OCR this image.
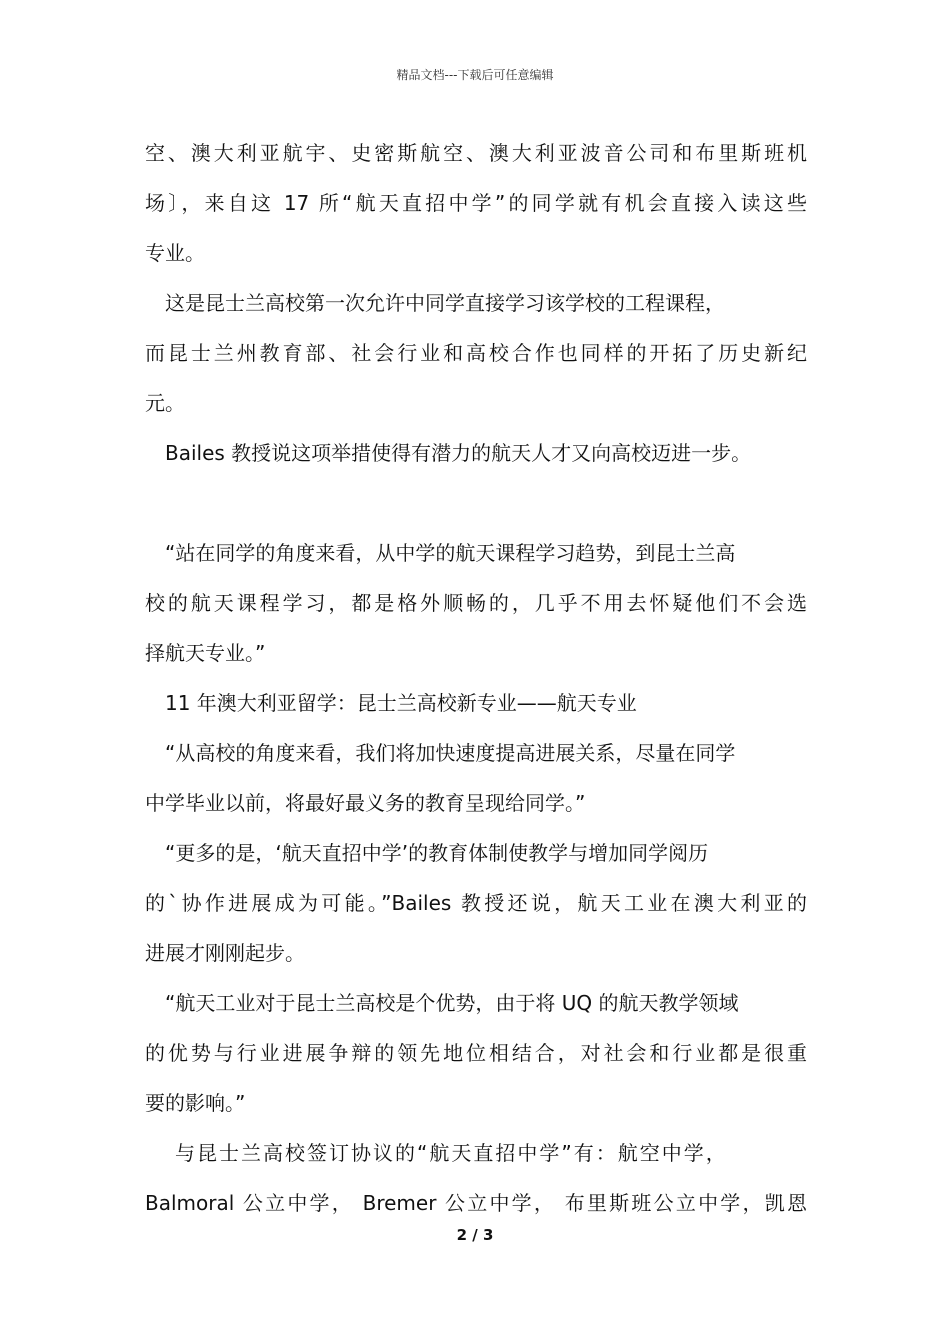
精品文档---下载后可任意编辑
空、澳大利亚航宇、史密斯航空、澳大利亚波音公司和布里斯班机
场〕，来自这 17 所“航天直招中学”的同学就有机会直接入读这些
专业。
这是昆士兰高校第一次允许中同学直接学习该学校的工程课程，
而昆士兰州教育部、社会行业和高校合作也同样的开拓了历史新纪
元。
Bailes 教授说这项举措使得有潜力的航天人才又向高校迈进一步。
“站在同学的角度来看，从中学的航天课程学习趋势，到昆士兰高
校的航天课程学习，都是格外顺畅的，几乎不用去怀疑他们不会选
择航天专业。”
11 年澳大利亚留学：昆士兰高校新专业——航天专业
“从高校的角度来看，我们将加快速度提高进展关系，尽量在同学
中学毕业以前，将最好最义务的教育呈现给同学。”
“更多的是，‘航天直招中学’的教育体制使教学与增加同学阅历
的`协作进展成为可能。”Bailes 教授还说，航天工业在澳大利亚的
进展才刚刚起步。
“航天工业对于昆士兰高校是个优势，由于将 UQ 的航天教学领域
的优势与行业进展争辩的领先地位相结合，对社会和行业都是很重
要的影响。”
与昆士兰高校签订协议的“航天直招中学”有：航空中学，
Balmoral 公立中学， Bremer 公立中学， 布里斯班公立中学，凯恩
2 / 3
